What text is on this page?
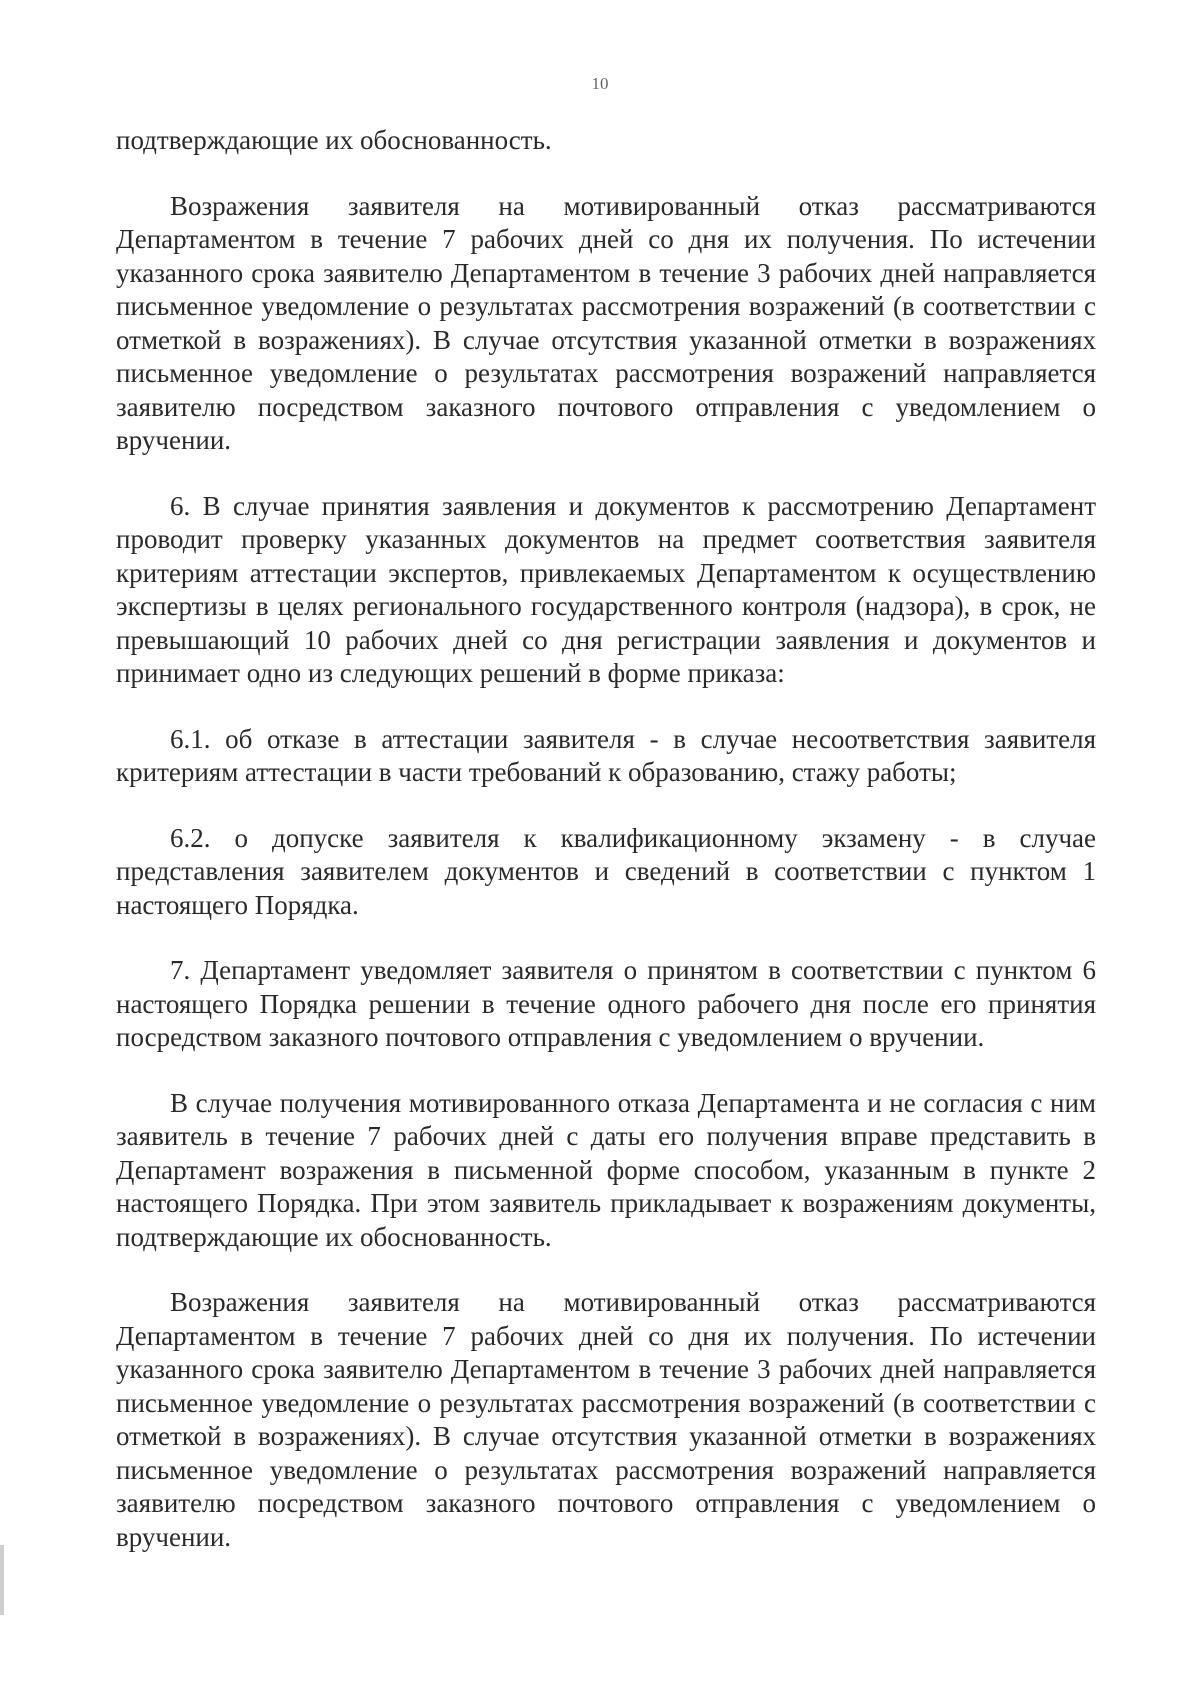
10

подтверждающие их обоснованность.

Возражения заявителя на мотивированный отказ рассматриваются Департаментом в течение 7 рабочих дней со дня их получения. По истечении указанного срока заявителю Департаментом в течение 3 рабочих дней направляется письменное уведомление о результатах рассмотрения возражений (в соответствии с отметкой в возражениях). В случае отсутствия указанной отметки в возражениях письменное уведомление о результатах рассмотрения возражений направляется заявителю посредством заказного почтового отправления с уведомлением о вручении.

6. В случае принятия заявления и документов к рассмотрению Департамент проводит проверку указанных документов на предмет соответствия заявителя критериям аттестации экспертов, привлекаемых Департаментом к осуществлению экспертизы в целях регионального государственного контроля (надзора), в срок, не превышающий 10 рабочих дней со дня регистрации заявления и документов и принимает одно из следующих решений в форме приказа:

6.1. об отказе в аттестации заявителя - в случае несоответствия заявителя критериям аттестации в части требований к образованию, стажу работы;

6.2. о допуске заявителя к квалификационному экзамену - в случае представления заявителем документов и сведений в соответствии с пунктом 1 настоящего Порядка.

7. Департамент уведомляет заявителя о принятом в соответствии с пунктом 6 настоящего Порядка решении в течение одного рабочего дня после его принятия посредством заказного почтового отправления с уведомлением о вручении.

В случае получения мотивированного отказа Департамента и не согласия с ним заявитель в течение 7 рабочих дней с даты его получения вправе представить в Департамент возражения в письменной форме способом, указанным в пункте 2 настоящего Порядка. При этом заявитель прикладывает к возражениям документы, подтверждающие их обоснованность.

Возражения заявителя на мотивированный отказ рассматриваются Департаментом в течение 7 рабочих дней со дня их получения. По истечении указанного срока заявителю Департаментом в течение 3 рабочих дней направляется письменное уведомление о результатах рассмотрения возражений (в соответствии с отметкой в возражениях). В случае отсутствия указанной отметки в возражениях письменное уведомление о результатах рассмотрения возражений направляется заявителю посредством заказного почтового отправления с уведомлением о вручении.
